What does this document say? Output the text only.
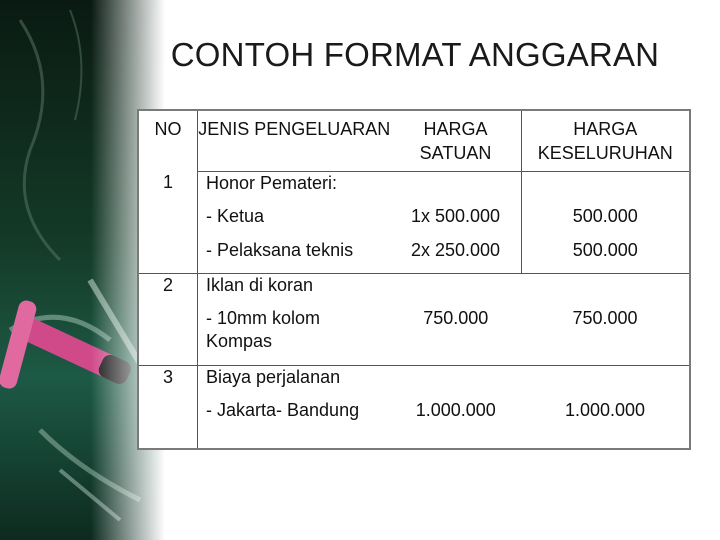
CONTOH FORMAT ANGGARAN
NO	JENIS PENGELUARAN	HARGA SATUAN	HARGA KESELURUHAN
1	Honor Pemateri:		
	- Ketua	1x 500.000	500.000
	- Pelaksana teknis	2x 250.000	500.000
2	Iklan di koran		
	- 10mm kolom Kompas	750.000	750.000
3	Biaya perjalanan		
	- Jakarta- Bandung	1.000.000	1.000.000
